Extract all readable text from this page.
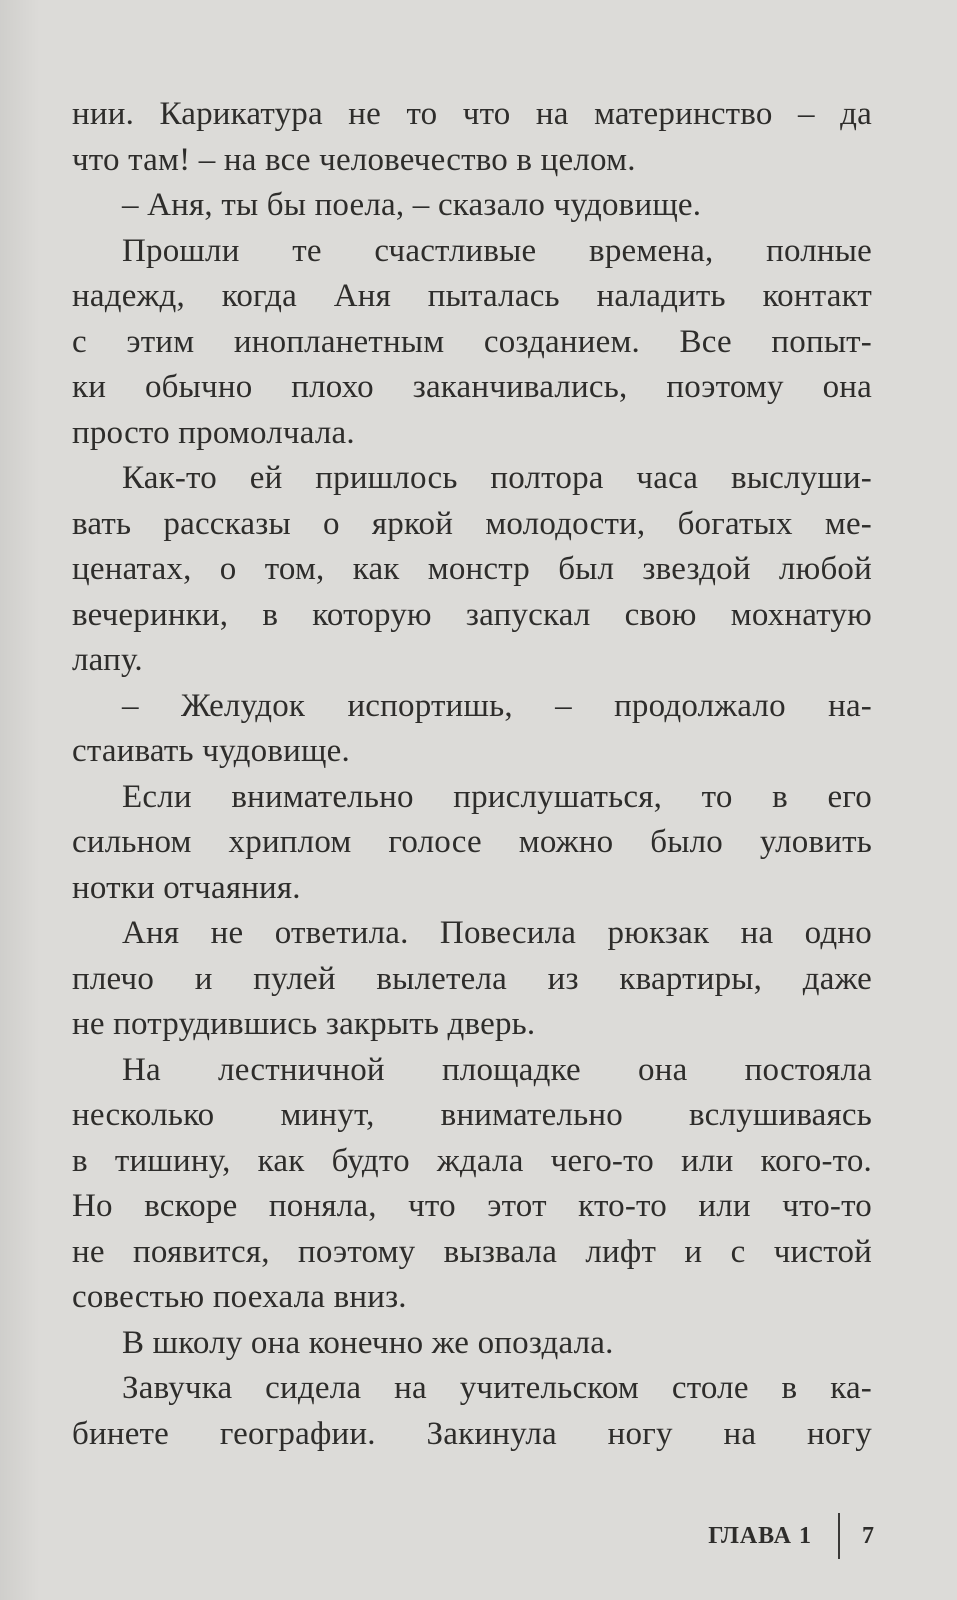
нии. Карикатура не то что на материнство – да
что там! – на все человечество в целом.
– Аня, ты бы поела, – сказало чудовище.
Прошли те счастливые времена, полные
надежд, когда Аня пыталась наладить контакт
с этим инопланетным созданием. Все попыт-
ки обычно плохо заканчивались, поэтому она
просто промолчала.
Как-то ей пришлось полтора часа выслуши-
вать рассказы о яркой молодости, богатых ме-
ценатах, о том, как монстр был звездой любой
вечеринки, в которую запускал свою мохнатую
лапу.
– Желудок испортишь, – продолжало на-
стаивать чудовище.
Если внимательно прислушаться, то в его
сильном хриплом голосе можно было уловить
нотки отчаяния.
Аня не ответила. Повесила рюкзак на одно
плечо и пулей вылетела из квартиры, даже
не потрудившись закрыть дверь.
На лестничной площадке она постояла
несколько минут, внимательно вслушиваясь
в тишину, как будто ждала чего-то или кого-то.
Но вскоре поняла, что этот кто-то или что-то
не появится, поэтому вызвала лифт и с чистой
совестью поехала вниз.
В школу она конечно же опоздала.
Завучка сидела на учительском столе в ка-
бинете географии. Закинула ногу на ногу
ГЛАВА 1 7
